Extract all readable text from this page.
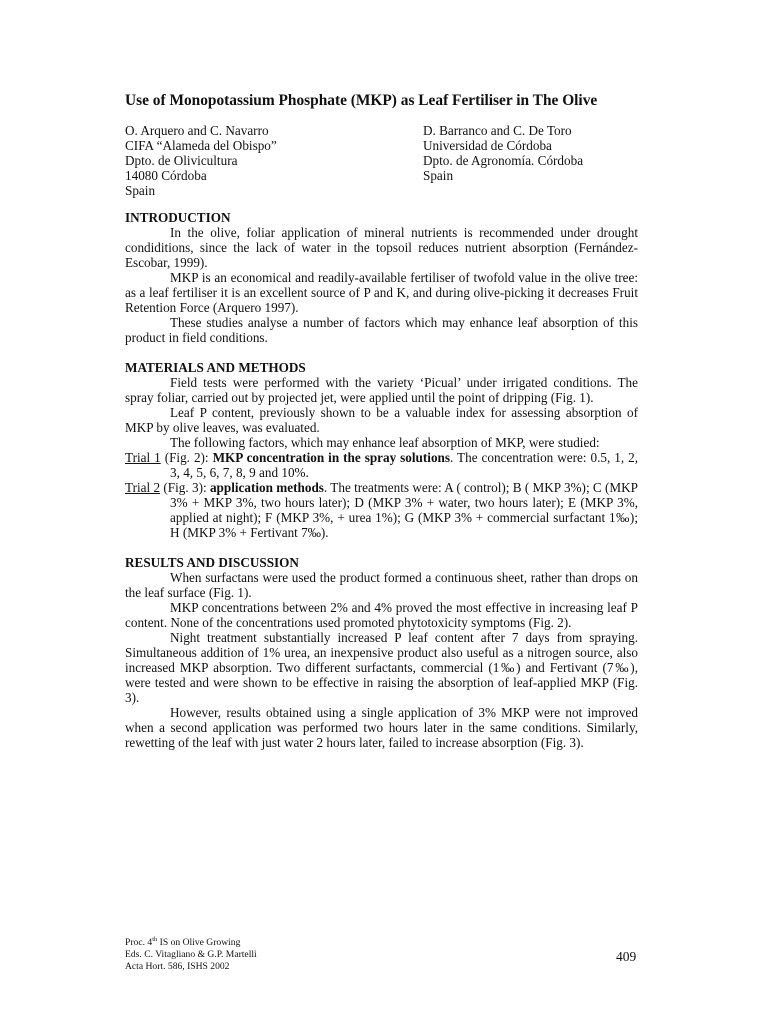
Use of Monopotassium Phosphate (MKP) as Leaf Fertiliser in The Olive
O. Arquero and C. Navarro
CIFA “Alameda del Obispo”
Dpto. de Olivicultura
14080 Córdoba
Spain
D. Barranco and C. De Toro
Universidad de Córdoba
Dpto. de Agronomía. Córdoba
Spain
INTRODUCTION

In the olive, foliar application of mineral nutrients is recommended under drought condiditions, since the lack of water in the topsoil reduces nutrient absorption (Fernández-Escobar, 1999).

MKP is an economical and readily-available fertiliser of twofold value in the olive tree: as a leaf fertiliser it is an excellent source of P and K, and during olive-picking it decreases Fruit Retention Force (Arquero 1997).

These studies analyse a number of factors which may enhance leaf absorption of this product in field conditions.

MATERIALS AND METHODS

Field tests were performed with the variety ‘Picual’ under irrigated conditions. The spray foliar, carried out by projected jet, were applied until the point of dripping (Fig. 1).

Leaf P content, previously shown to be a valuable index for assessing absorption of MKP by olive leaves, was evaluated.

The following factors, which may enhance leaf absorption of MKP, were studied:

Trial 1 (Fig. 2): MKP concentration in the spray solutions. The concentration were: 0.5, 1, 2, 3, 4, 5, 6, 7, 8, 9 and 10%.

Trial 2 (Fig. 3): application methods. The treatments were: A ( control); B ( MKP 3%); C (MKP 3% + MKP 3%, two hours later); D (MKP 3% + water, two hours later); E (MKP 3%, applied at night); F (MKP 3%, + urea 1%); G (MKP 3% + commercial surfactant 1‰); H (MKP 3% + Fertivant 7‰).

RESULTS AND DISCUSSION

When surfactans were used the product formed a continuous sheet, rather than drops on the leaf surface (Fig. 1).

MKP concentrations between 2% and 4% proved the most effective in increasing leaf P content. None of the concentrations used promoted phytotoxicity symptoms (Fig. 2).

Night treatment substantially increased P leaf content after 7 days from spraying. Simultaneous addition of 1% urea, an inexpensive product also useful as a nitrogen source, also increased MKP absorption. Two different surfactants, commercial (1‰) and Fertivant (7‰), were tested and were shown to be effective in raising the absorption of leaf-applied MKP (Fig. 3).

However, results obtained using a single application of 3% MKP were not improved when a second application was performed two hours later in the same conditions. Similarly, rewetting of the leaf with just water 2 hours later, failed to increase absorption (Fig. 3).

Proc. 4th IS on Olive Growing
Eds. C. Vitagliano & G.P. Martelli
Acta Hort. 586, ISHS 2002
409
